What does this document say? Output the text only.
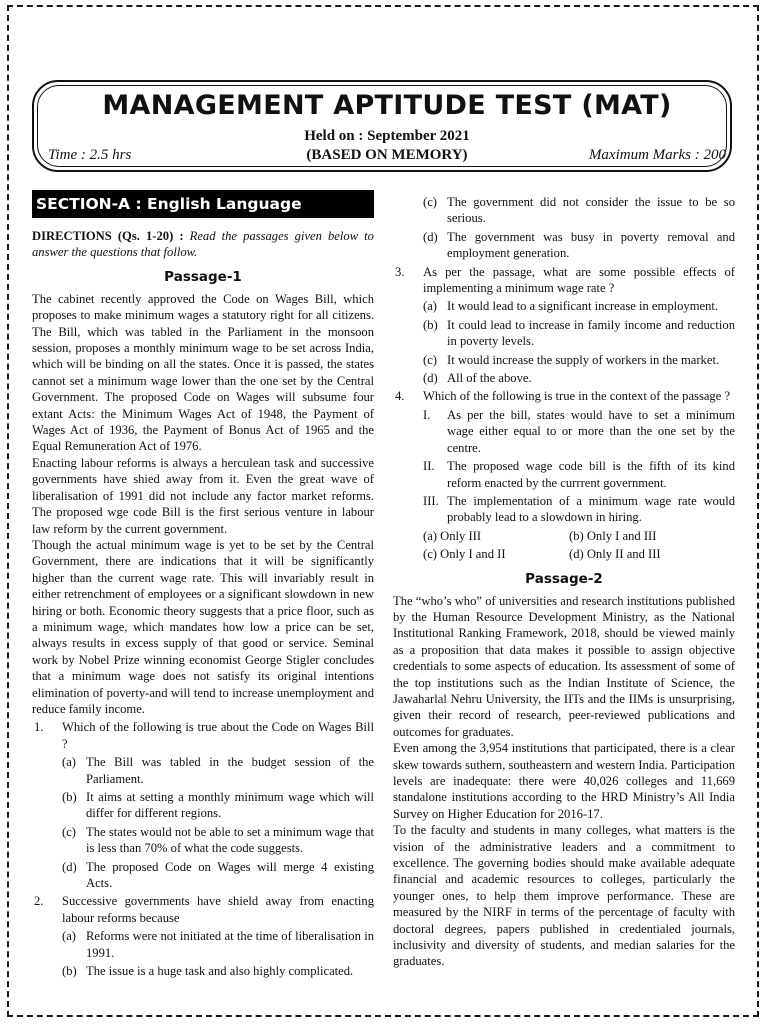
MANAGEMENT APTITUDE TEST (MAT)
Held on : September 2021
(BASED ON MEMORY)
Time : 2.5 hrs	Maximum Marks : 200
SECTION-A : English Language

DIRECTIONS (Qs. 1-20) : Read the passages given below to answer the questions that follow.

Passage-1

The cabinet recently approved the Code on Wages Bill, which proposes to make minimum wages a statutory right for all citizens. The Bill, which was tabled in the Parliament in the monsoon session, proposes a monthly minimum wage to be set across India, which will be binding on all the states. Once it is passed, the states cannot set a minimum wage lower than the one set by the Central Government. The proposed Code on Wages will subsume four extant Acts: the Minimum Wages Act of 1948, the Payment of Wages Act of 1936, the Payment of Bonus Act of 1965 and the Equal Remuneration Act of 1976.

Enacting labour reforms is always a herculean task and successive governments have shied away from it. Even the great wave of liberalisation of 1991 did not include any factor market reforms. The proposed wge code Bill is the first serious venture in labour law reform by the current government.

Though the actual minimum wage is yet to be set by the Central Government, there are indications that it will be significantly higher than the current wage rate. This will invariably result in either retrenchment of employees or a significant slowdown in new hiring or both. Economic theory suggests that a price floor, such as a minimum wage, which mandates how low a price can be set, always results in excess supply of that good or service. Seminal work by Nobel Prize winning economist George Stigler concludes that a minimum wage does not satisfy its original intentions elimination of poverty-and will tend to increase unemployment and reduce family income.

1. Which of the following is true about the Code on Wages Bill ?
(a) The Bill was tabled in the budget session of the Parliament.
(b) It aims at setting a monthly minimum wage which will differ for different regions.
(c) The states would not be able to set a minimum wage that is less than 70% of what the code suggests.
(d) The proposed Code on Wages will merge 4 existing Acts.
2. Successive governments have shield away from enacting labour reforms because
(a) Reforms were not initiated at the time of liberalisation in 1991.
(b) The issue is a huge task and also highly complicated.
(c) The government did not consider the issue to be so serious.
(d) The government was busy in poverty removal and employment generation.
3. As per the passage, what are some possible effects of implementing a minimum wage rate ?
(a) It would lead to a significant increase in employment.
(b) It could lead to increase in family income and reduction in poverty levels.
(c) It would increase the supply of workers in the market.
(d) All of the above.
4. Which of the following is true in the context of the passage ?
I. As per the bill, states would have to set a minimum wage either equal to or more than the one set by the centre.
II. The proposed wage code bill is the fifth of its kind reform enacted by the currrent government.
III. The implementation of a minimum wage rate would probably lead to a slowdown in hiring.
(a) Only III	(b) Only I and III
(c) Only I and II	(d) Only II and III
Passage-2

The “who’s who” of universities and research institutions published by the Human Resource Development Ministry, as the National Institutional Ranking Framework, 2018, should be viewed mainly as a proposition that data makes it possible to assign objective credentials to some aspects of education. Its assessment of some of the top institutions such as the Indian Institute of Science, the Jawaharlal Nehru University, the IITs and the IIMs is unsurprising, given their record of research, peer-reviewed publications and outcomes for graduates.

Even among the 3,954 institutions that participated, there is a clear skew towards suthern, southeastern and western India. Participation levels are inadequate: there were 40,026 colleges and 11,669 standalone institutions according to the HRD Ministry’s All India Survey on Higher Education for 2016-17.

To the faculty and students in many colleges, what matters is the vision of the administrative leaders and a commitment to excellence. The governing bodies should make available adequate financial and academic resources to colleges, particularly the younger ones, to help them improve performance. These are measured by the NIRF in terms of the percentage of faculty with doctoral degrees, papers published in credentialed journals, inclusivity and diversity of students, and median salaries for the graduates.
